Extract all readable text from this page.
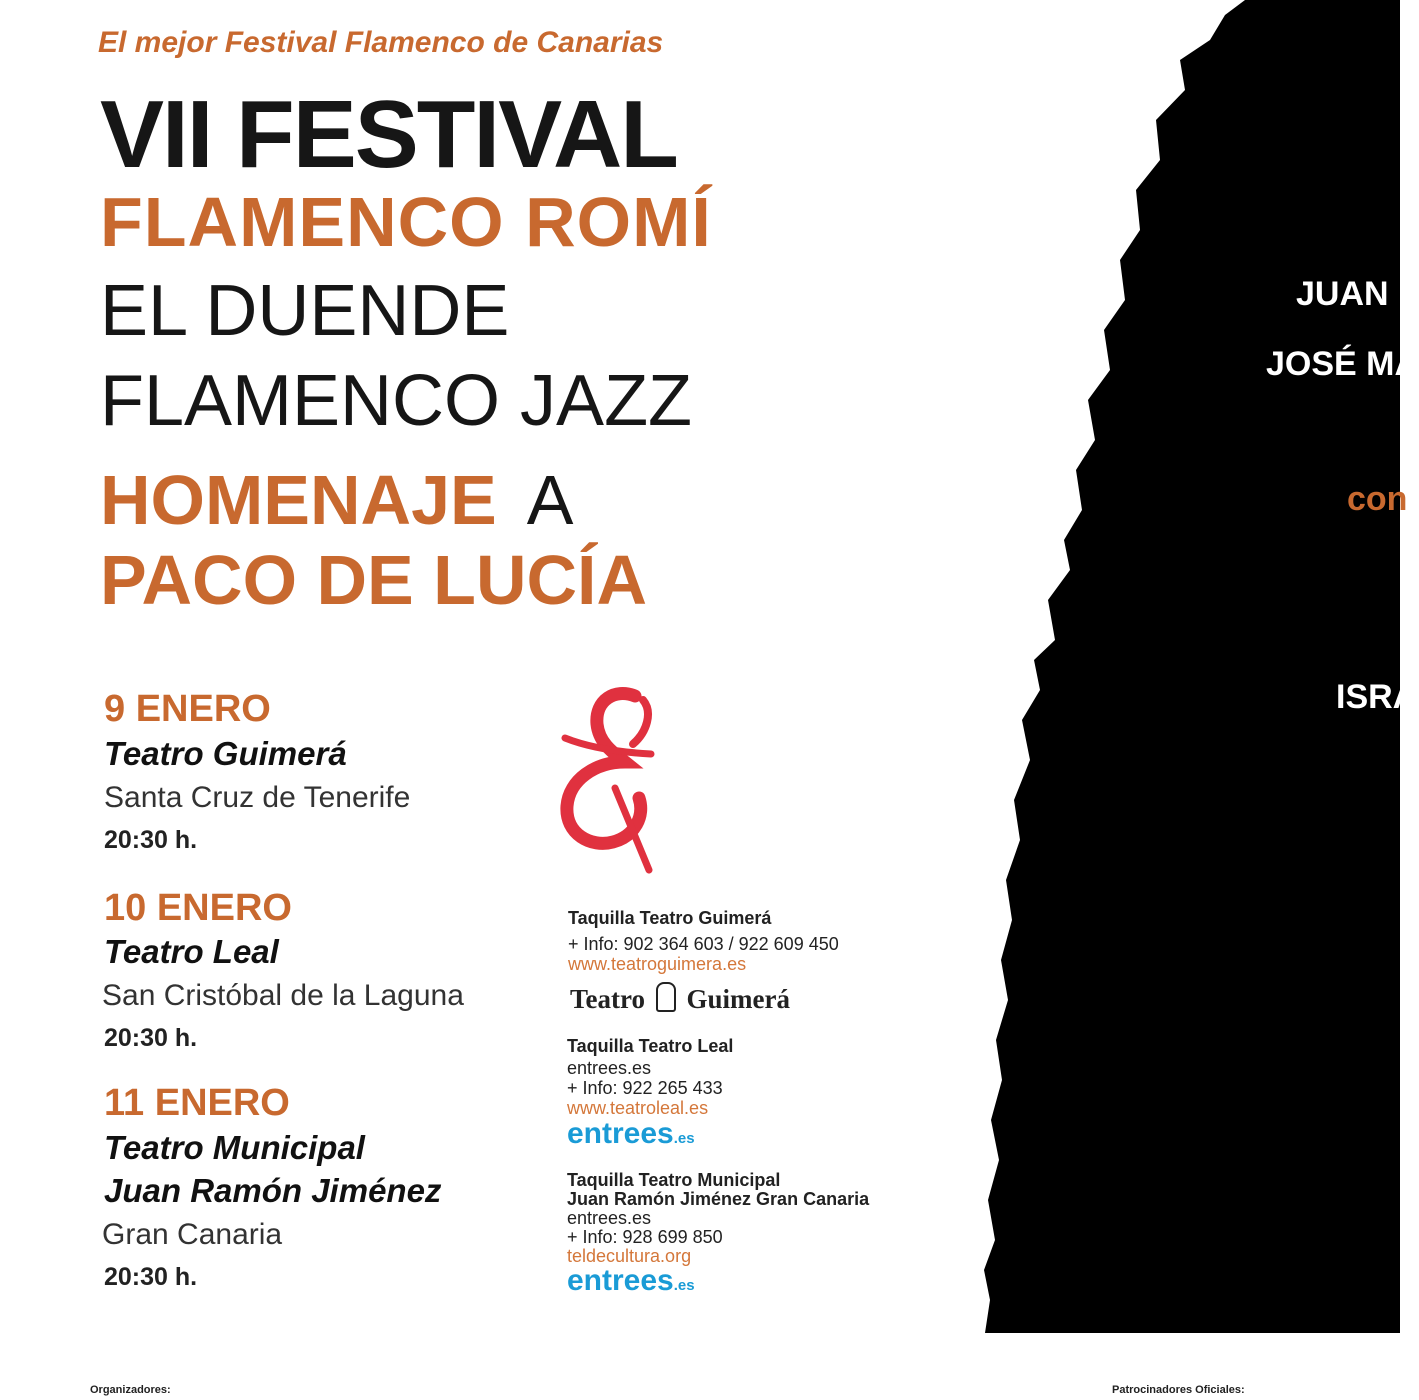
El mejor Festival Flamenco de Canarias
VII FESTIVAL
FLAMENCO ROMÍ
EL DUENDE
FLAMENCO JAZZ
HOMENAJE A
PACO DE LUCÍA
9 ENERO
Teatro Guimerá
Santa Cruz de Tenerife
20:30 h.
10 ENERO
Teatro Leal
San Cristóbal de la Laguna
20:30 h.
11 ENERO
Teatro Municipal
Juan Ramón Jiménez
Gran Canaria
20:30 h.
Taquilla Teatro Guimerá
+ Info: 902 364 603 / 922 609 450
www.teatroguimera.es
Teatro Guimerá
Taquilla Teatro Leal
entrees.es
+ Info: 922 265 433
www.teatroleal.es
entrees.es
Taquilla Teatro Municipal
Juan Ramón Jiménez Gran Canaria
entrees.es
+ Info: 928 699 850
teldecultura.org
entrees.es
JUAN
JOSÉ MA
con
ISRA
Organizadores:	Patrocinadores Oficiales:
